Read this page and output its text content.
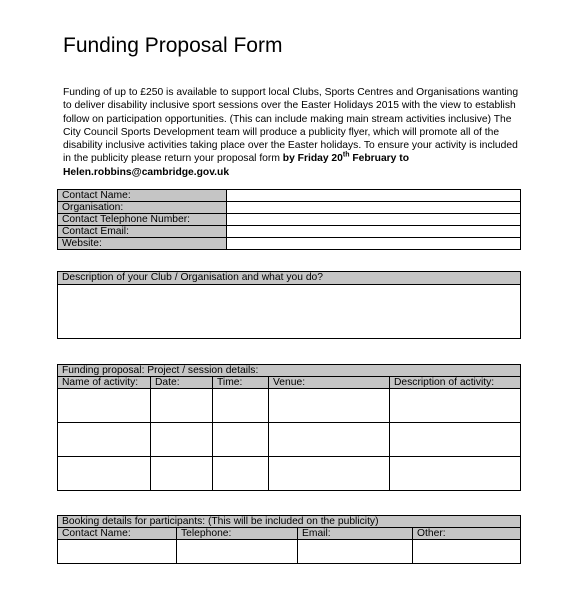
Funding Proposal Form
Funding of up to £250 is available to support local Clubs, Sports Centres and Organisations wanting to deliver disability inclusive sport sessions over the Easter Holidays 2015 with the view to establish follow on participation opportunities. (This can include making main stream activities inclusive) The City Council Sports Development team will produce a publicity flyer, which will promote all of the disability inclusive activities taking place over the Easter holidays. To ensure your activity is included in the publicity please return your proposal form by Friday 20th February to
Helen.robbins@cambridge.gov.uk
Contact Name:	
Organisation:	
Contact Telephone Number:	
Contact Email:	
Website:	
Description of your Club / Organisation and what you do?

Funding proposal: Project / session details:				
Name of activity:	Date:	Time:	Venue:	Description of activity:

Booking details for participants: (This will be included on the publicity)			
Contact Name:	Telephone:	Email:	Other:
